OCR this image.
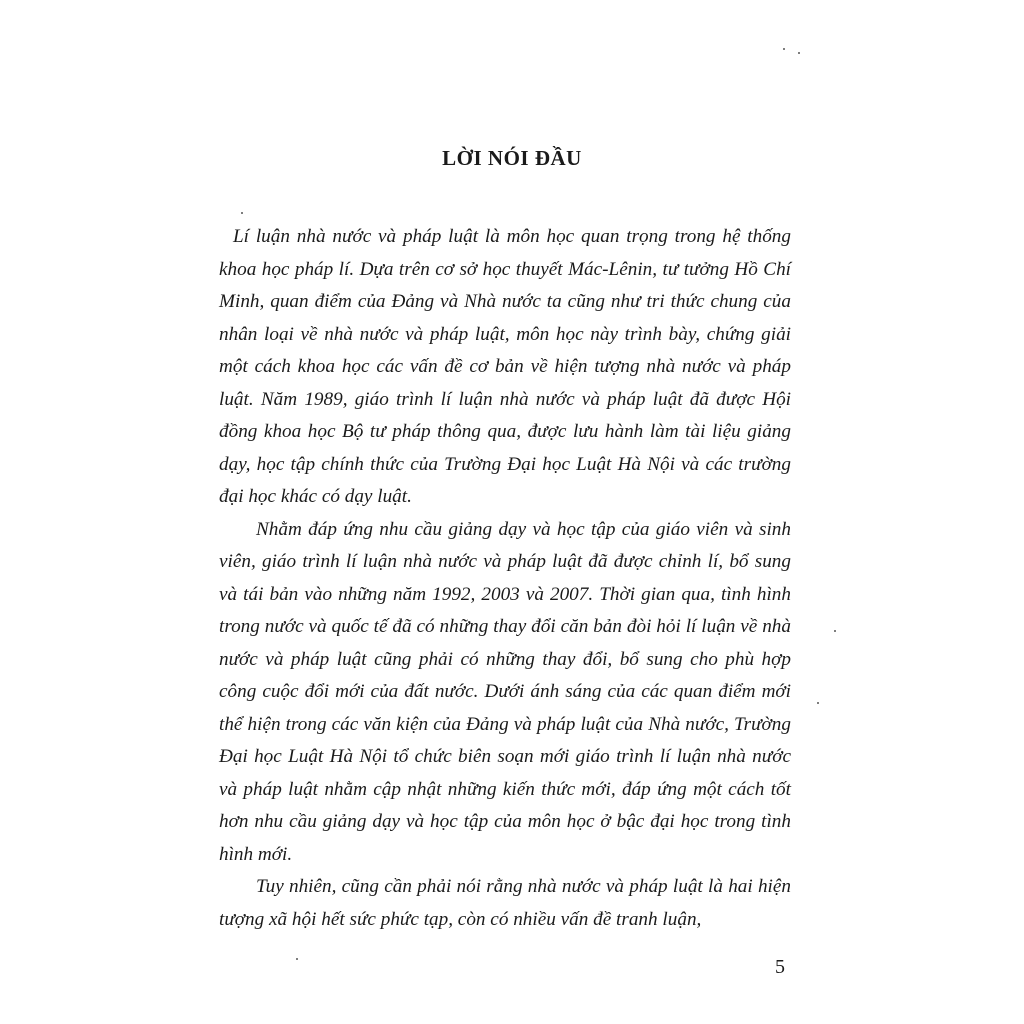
LỜI NÓI ĐẦU

Lí luận nhà nước và pháp luật là môn học quan trọng trong hệ thống khoa học pháp lí. Dựa trên cơ sở học thuyết Mác-Lênin, tư tưởng Hồ Chí Minh, quan điểm của Đảng và Nhà nước ta cũng như tri thức chung của nhân loại về nhà nước và pháp luật, môn học này trình bày, chứng giải một cách khoa học các vấn đề cơ bản về hiện tượng nhà nước và pháp luật. Năm 1989, giáo trình lí luận nhà nước và pháp luật đã được Hội đồng khoa học Bộ tư pháp thông qua, được lưu hành làm tài liệu giảng dạy, học tập chính thức của Trường Đại học Luật Hà Nội và các trường đại học khác có dạy luật.

Nhằm đáp ứng nhu cầu giảng dạy và học tập của giáo viên và sinh viên, giáo trình lí luận nhà nước và pháp luật đã được chỉnh lí, bổ sung và tái bản vào những năm 1992, 2003 và 2007. Thời gian qua, tình hình trong nước và quốc tế đã có những thay đổi căn bản đòi hỏi lí luận về nhà nước và pháp luật cũng phải có những thay đổi, bổ sung cho phù hợp công cuộc đổi mới của đất nước. Dưới ánh sáng của các quan điểm mới thể hiện trong các văn kiện của Đảng và pháp luật của Nhà nước, Trường Đại học Luật Hà Nội tổ chức biên soạn mới giáo trình lí luận nhà nước và pháp luật nhằm cập nhật những kiến thức mới, đáp ứng một cách tốt hơn nhu cầu giảng dạy và học tập của môn học ở bậc đại học trong tình hình mới.

Tuy nhiên, cũng cần phải nói rằng nhà nước và pháp luật là hai hiện tượng xã hội hết sức phức tạp, còn có nhiều vấn đề tranh luận,

5
